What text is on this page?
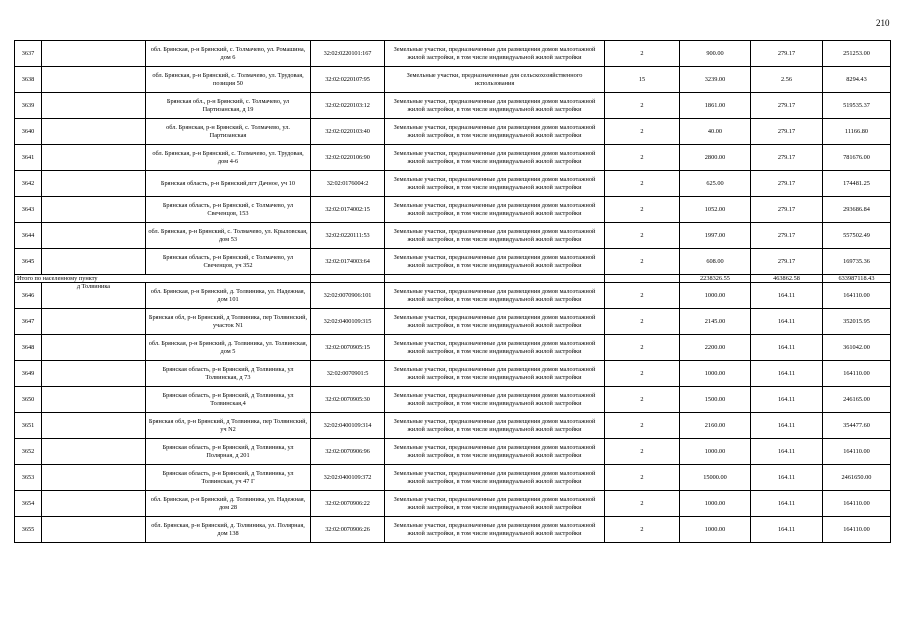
210
3637		обл. Брянская, р-н Брянский, с. Толмачево, ул. Ромашина, дом 6	32:02:0220101:167	Земельные участки, предназначенные для размещения домов малоэтажной жилой застройки, в том числе индивидуальной жилой застройки	2	900.00	279.17	251253.00
3638		обл. Брянская, р-н Брянский, с. Толмачево, ул. Трудовая, позиция 50	32:02:0220107:95	Земельные участки, предназначенные для сельскохозяйственного использования	15	3239.00	2.56	8294.43
3639		Брянская обл., р-н Брянский, с. Толмачево, ул Партизанская, д 19	32:02:0220103:12	Земельные участки, предназначенные для размещения домов малоэтажной жилой застройки, в том числе индивидуальной жилой застройки	2	1861.00	279.17	519535.37
3640		обл. Брянская, р-н Брянский, с. Толмачево, ул. Партизанская	32:02:0220103:40	Земельные участки, предназначенные для размещения домов малоэтажной жилой застройки, в том числе индивидуальной жилой застройки	2	40.00	279.17	11166.80
3641		обл. Брянская, р-н Брянский, с. Толмачево, ул. Трудовая, дом 4-6	32:02:0220106:90	Земельные участки, предназначенные для размещения домов малоэтажной жилой застройки, в том числе индивидуальной жилой застройки	2	2800.00	279.17	781676.00
3642		Брянская область, р-н Брянский,пгт Дачное, уч 10	32:02:0176004:2	Земельные участки, предназначенные для размещения домов малоэтажной жилой застройки, в том числе индивидуальной жилой застройки	2	625.00	279.17	174481.25
3643		Брянская область, р-н Брянский, с Толмачево, ул Свеченцов, 153	32:02:0174002:15	Земельные участки, предназначенные для размещения домов малоэтажной жилой застройки, в том числе индивидуальной жилой застройки	2	1052.00	279.17	293686.84
3644		обл. Брянская, р-н Брянский, с. Толмачево, ул. Крыловская, дом 53	32:02:0220111:53	Земельные участки, предназначенные для размещения домов малоэтажной жилой застройки, в том числе индивидуальной жилой застройки	2	1997.00	279.17	557502.49
3645		Брянская область, р-н Брянский, с Толмачево, ул Свеченцов, уч 352	32:02:0174003:64	Земельные участки, предназначенные для размещения домов малоэтажной жилой застройки, в том числе индивидуальной жилой застройки	2	608.00	279.17	169735.36
Итого по населенному пункту						2238326.55	463862.58	633987118.43
3646	д Толвиника	обл. Брянская, р-н Брянский, д. Толвиника, ул. Надежная, дом 101	32:02:0070906:101	Земельные участки, предназначенные для размещения домов малоэтажной жилой застройки, в том числе индивидуальной жилой застройки	2	1000.00	164.11	164110.00
3647		Брянская обл, р-н Брянский, д Толвиника, пер Толвинский, участок N1	32:02:0400109:315	Земельные участки, предназначенные для размещения домов малоэтажной жилой застройки, в том числе индивидуальной жилой застройки	2	2145.00	164.11	352015.95
3648		обл. Брянская, р-н Брянский, д. Толвиника, ул. Толвинская, дом 5	32:02:0070905:15	Земельные участки, предназначенные для размещения домов малоэтажной жилой застройки, в том числе индивидуальной жилой застройки	2	2200.00	164.11	361042.00
3649		Брянская область, р-н Брянский, д Толвиника, ул Толвинская, д 73	32:02:0070901:5	Земельные участки, предназначенные для размещения домов малоэтажной жилой застройки, в том числе индивидуальной жилой застройки	2	1000.00	164.11	164110.00
3650		Брянская область, р-н Брянский, д Толвиника, ул Толвинская,4	32:02:0070905:30	Земельные участки, предназначенные для размещения домов малоэтажной жилой застройки, в том числе индивидуальной жилой застройки	2	1500.00	164.11	246165.00
3651		Брянская обл, р-н Брянский, д Толвиника, пер Толвинский, уч N2	32:02:0400109:314	Земельные участки, предназначенные для размещения домов малоэтажной жилой застройки, в том числе индивидуальной жилой застройки	2	2160.00	164.11	354477.60
3652		Брянская область, р-н Брянский, д Толвиника, ул Полярная, д 201	32:02:0070906:96	Земельные участки, предназначенные для размещения домов малоэтажной жилой застройки, в том числе индивидуальной жилой застройки	2	1000.00	164.11	164110.00
3653		Брянская область, р-н Брянский, д Толвиника, ул Толвинская, уч 47 Г	32:02:0400109:372	Земельные участки, предназначенные для размещения домов малоэтажной жилой застройки, в том числе индивидуальной жилой застройки	2	15000.00	164.11	2461650.00
3654		обл. Брянская, р-н Брянский, д. Толвиника, ул. Надежная, дом 28	32:02:0070906:22	Земельные участки, предназначенные для размещения домов малоэтажной жилой застройки, в том числе индивидуальной жилой застройки	2	1000.00	164.11	164110.00
3655		обл. Брянская, р-н Брянский, д. Толвиника, ул. Полярная, дом 138	32:02:0070906:26	Земельные участки, предназначенные для размещения домов малоэтажной жилой застройки, в том числе индивидуальной жилой застройки	2	1000.00	164.11	164110.00
